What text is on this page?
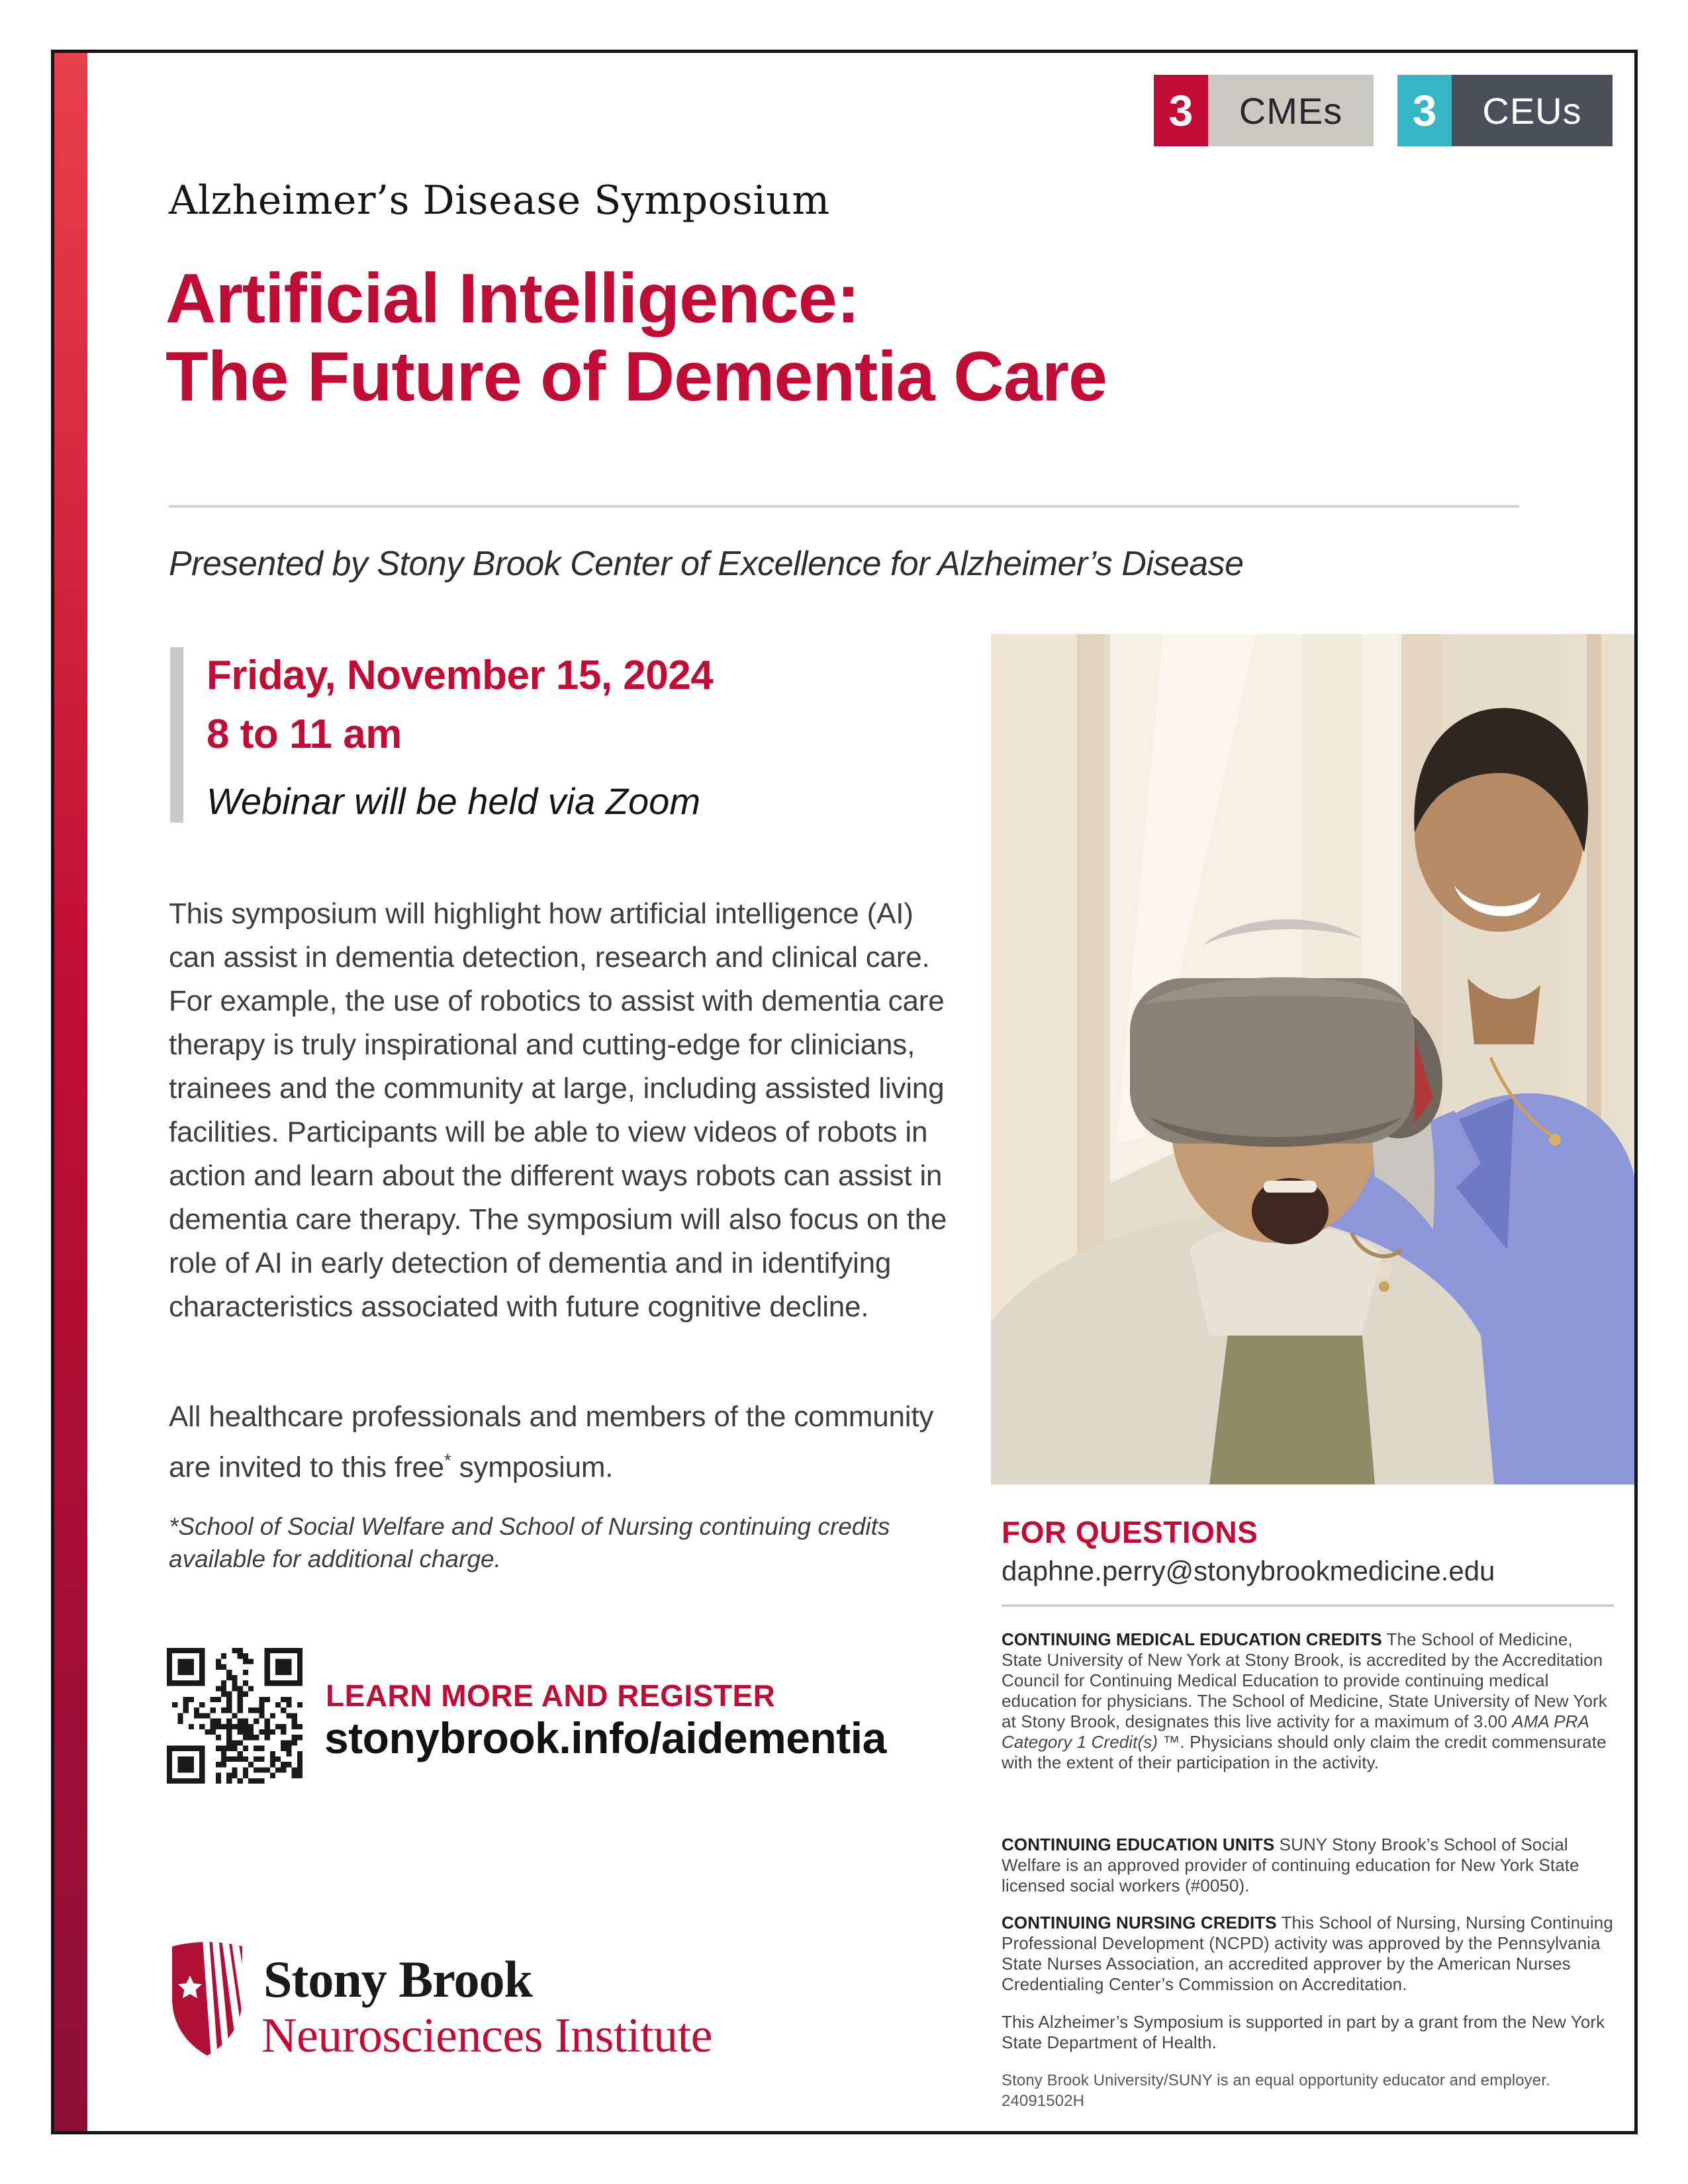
3	CMEs	3	CEUs
Alzheimer’s Disease Symposium
Artificial Intelligence:
The Future of Dementia Care
Presented by Stony Brook Center of Excellence for Alzheimer’s Disease
Friday, November 15, 2024
8 to 11 am
Webinar will be held via Zoom
This symposium will highlight how artificial intelligence (AI) can assist in dementia detection, research and clinical care. For example, the use of robotics to assist with dementia care therapy is truly inspirational and cutting-edge for clinicians, trainees and the community at large, including assisted living facilities. Participants will be able to view videos of robots in action and learn about the different ways robots can assist in dementia care therapy. The symposium will also focus on the role of AI in early detection of dementia and in identifying characteristics associated with future cognitive decline.
All healthcare professionals and members of the community are invited to this free* symposium.
*School of Social Welfare and School of Nursing continuing credits available for additional charge.
LEARN MORE AND REGISTER
stonybrook.info/aidementia
FOR QUESTIONS
daphne.perry@stonybrookmedicine.edu
CONTINUING MEDICAL EDUCATION CREDITS The School of Medicine, State University of New York at Stony Brook, is accredited by the Accreditation Council for Continuing Medical Education to provide continuing medical education for physicians. The School of Medicine, State University of New York at Stony Brook, designates this live activity for a maximum of 3.00 AMA PRA Category 1 Credit(s) ™. Physicians should only claim the credit commensurate with the extent of their participation in the activity.
CONTINUING EDUCATION UNITS SUNY Stony Brook’s School of Social Welfare is an approved provider of continuing education for New York State licensed social workers (#0050).
CONTINUING NURSING CREDITS This School of Nursing, Nursing Continuing Professional Development (NCPD) activity was approved by the Pennsylvania State Nurses Association, an accredited approver by the American Nurses Credentialing Center’s Commission on Accreditation.
This Alzheimer’s Symposium is supported in part by a grant from the New York State Department of Health.
Stony Brook University/SUNY is an equal opportunity educator and employer. 24091502H
Stony Brook
Neurosciences Institute
